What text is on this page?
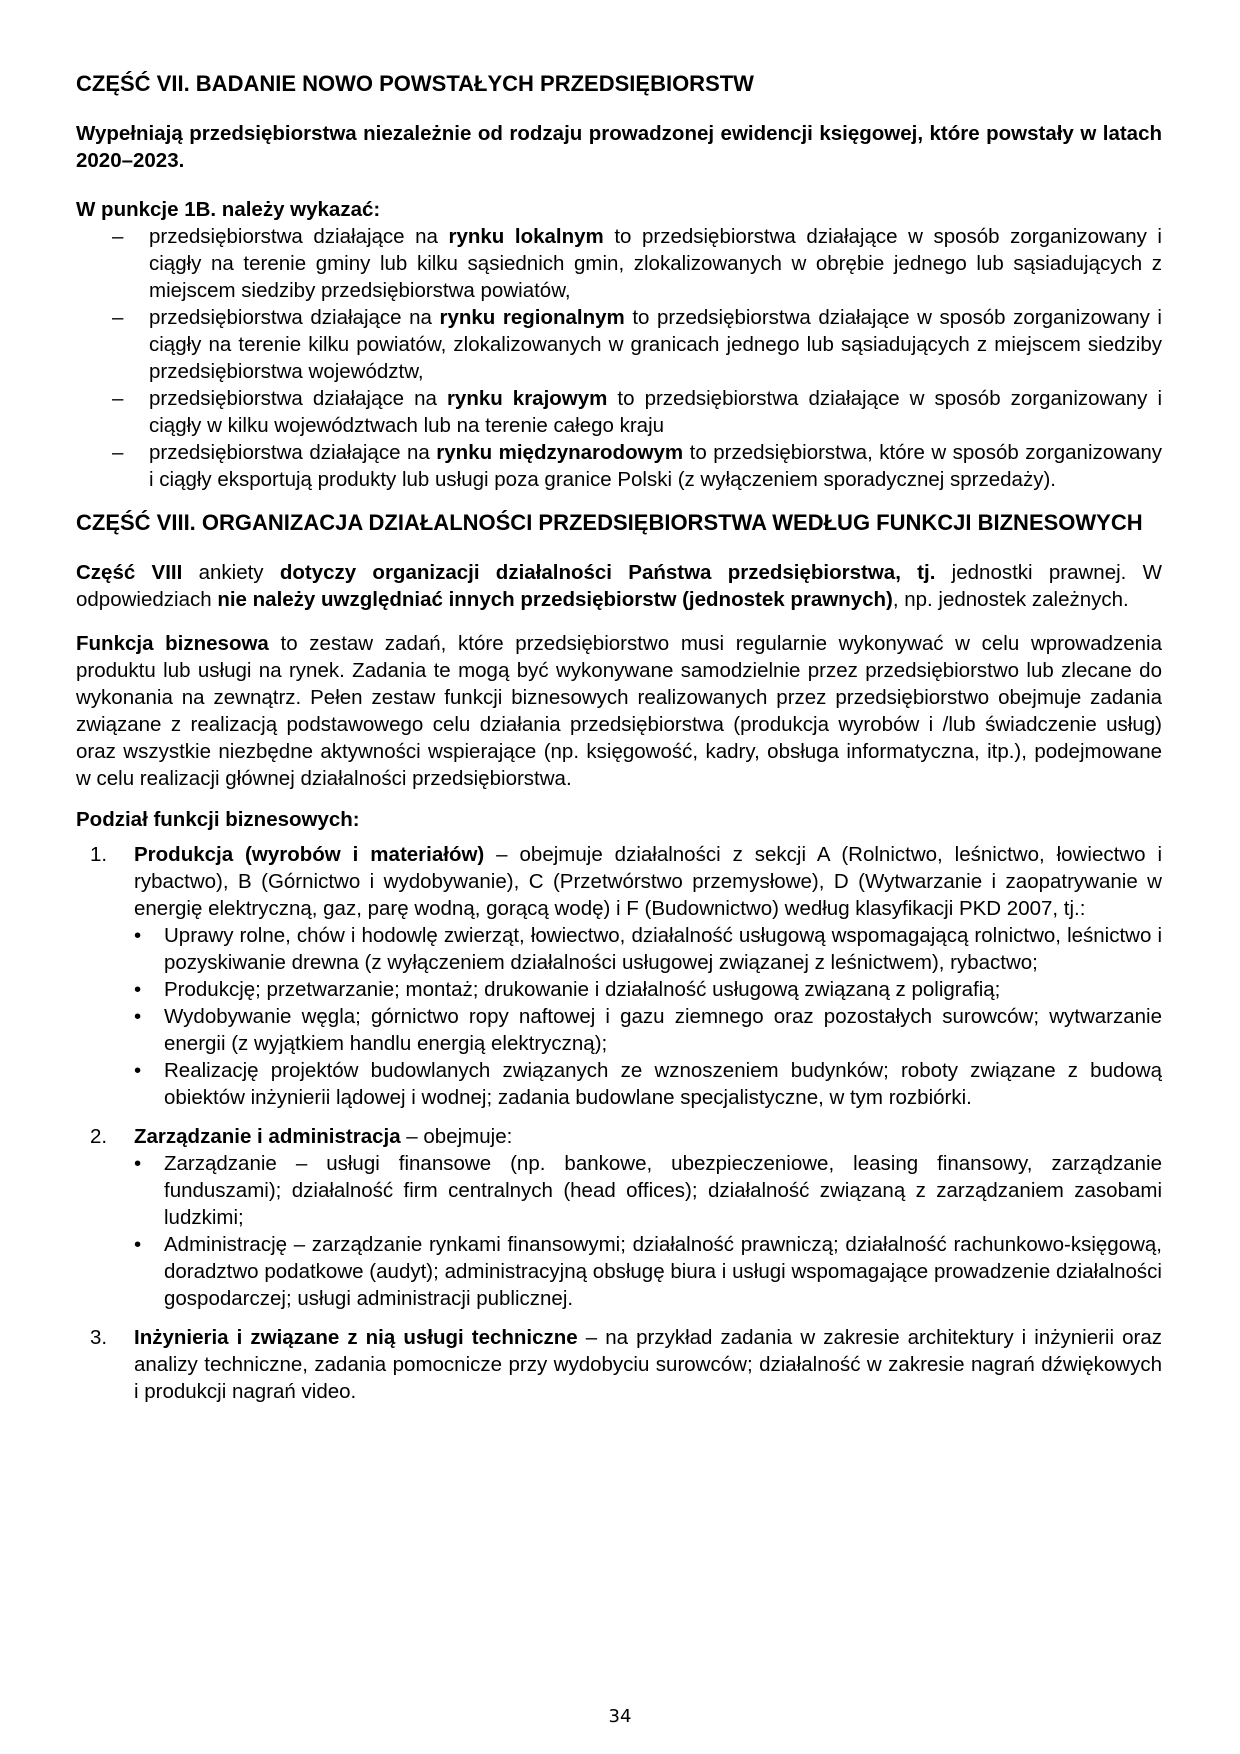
CZĘŚĆ VII. BADANIE NOWO POWSTAŁYCH PRZEDSIĘBIORSTW

Wypełniają przedsiębiorstwa niezależnie od rodzaju prowadzonej ewidencji księgowej, które powstały w latach 2020–2023.

W punkcje 1B. należy wykazać:

– przedsiębiorstwa działające na rynku lokalnym to przedsiębiorstwa działające w sposób zorganizowany i ciągły na terenie gminy lub kilku sąsiednich gmin, zlokalizowanych w obrębie jednego lub sąsiadujących z miejscem siedziby przedsiębiorstwa powiatów,
– przedsiębiorstwa działające na rynku regionalnym to przedsiębiorstwa działające w sposób zorganizowany i ciągły na terenie kilku powiatów, zlokalizowanych w granicach jednego lub sąsiadujących z miejscem siedziby przedsiębiorstwa województw,
– przedsiębiorstwa działające na rynku krajowym to przedsiębiorstwa działające w sposób zorganizowany i ciągły w kilku województwach lub na terenie całego kraju
– przedsiębiorstwa działające na rynku międzynarodowym to przedsiębiorstwa, które w sposób zorganizowany i ciągły eksportują produkty lub usługi poza granice Polski (z wyłączeniem sporadycznej sprzedaży).
CZĘŚĆ VIII. ORGANIZACJA DZIAŁALNOŚCI PRZEDSIĘBIORSTWA WEDŁUG FUNKCJI BIZNESOWYCH

Część VIII ankiety dotyczy organizacji działalności Państwa przedsiębiorstwa, tj. jednostki prawnej. W odpowiedziach nie należy uwzględniać innych przedsiębiorstw (jednostek prawnych), np. jednostek zależnych.

Funkcja biznesowa to zestaw zadań, które przedsiębiorstwo musi regularnie wykonywać w celu wprowadzenia produktu lub usługi na rynek. Zadania te mogą być wykonywane samodzielnie przez przedsiębiorstwo lub zlecane do wykonania na zewnątrz. Pełen zestaw funkcji biznesowych realizowanych przez przedsiębiorstwo obejmuje zadania związane z realizacją podstawowego celu działania przedsiębiorstwa (produkcja wyrobów i /lub świadczenie usług) oraz wszystkie niezbędne aktywności wspierające (np. księgowość, kadry, obsługa informatyczna, itp.), podejmowane w celu realizacji głównej działalności przedsiębiorstwa.

Podział funkcji biznesowych:

1. Produkcja (wyrobów i materiałów) – obejmuje działalności z sekcji A (Rolnictwo, leśnictwo, łowiectwo i rybactwo), B (Górnictwo i wydobywanie), C (Przetwórstwo przemysłowe), D (Wytwarzanie i zaopatrywanie w energię elektryczną, gaz, parę wodną, gorącą wodę) i F (Budownictwo) według klasyfikacji PKD 2007, tj.:

• Uprawy rolne, chów i hodowlę zwierząt, łowiectwo, działalność usługową wspomagającą rolnictwo, leśnictwo i pozyskiwanie drewna (z wyłączeniem działalności usługowej związanej z leśnictwem), rybactwo;
• Produkcję; przetwarzanie; montaż; drukowanie i działalność usługową związaną z poligrafią;
• Wydobywanie węgla; górnictwo ropy naftowej i gazu ziemnego oraz pozostałych surowców; wytwarzanie energii (z wyjątkiem handlu energią elektryczną);
• Realizację projektów budowlanych związanych ze wznoszeniem budynków; roboty związane z budową obiektów inżynierii lądowej i wodnej; zadania budowlane specjalistyczne, w tym rozbiórki.
2. Zarządzanie i administracja – obejmuje:

• Zarządzanie – usługi finansowe (np. bankowe, ubezpieczeniowe, leasing finansowy, zarządzanie funduszami); działalność firm centralnych (head offices); działalność związaną z zarządzaniem zasobami ludzkimi;
• Administrację – zarządzanie rynkami finansowymi; działalność prawniczą; działalność rachunkowo-księgową, doradztwo podatkowe (audyt); administracyjną obsługę biura i usługi wspomagające prowadzenie działalności gospodarczej; usługi administracji publicznej.
3. Inżynieria i związane z nią usługi techniczne – na przykład zadania w zakresie architektury i inżynierii oraz analizy techniczne, zadania pomocnicze przy wydobyciu surowców; działalność w zakresie nagrań dźwiękowych i produkcji nagrań video.

34
